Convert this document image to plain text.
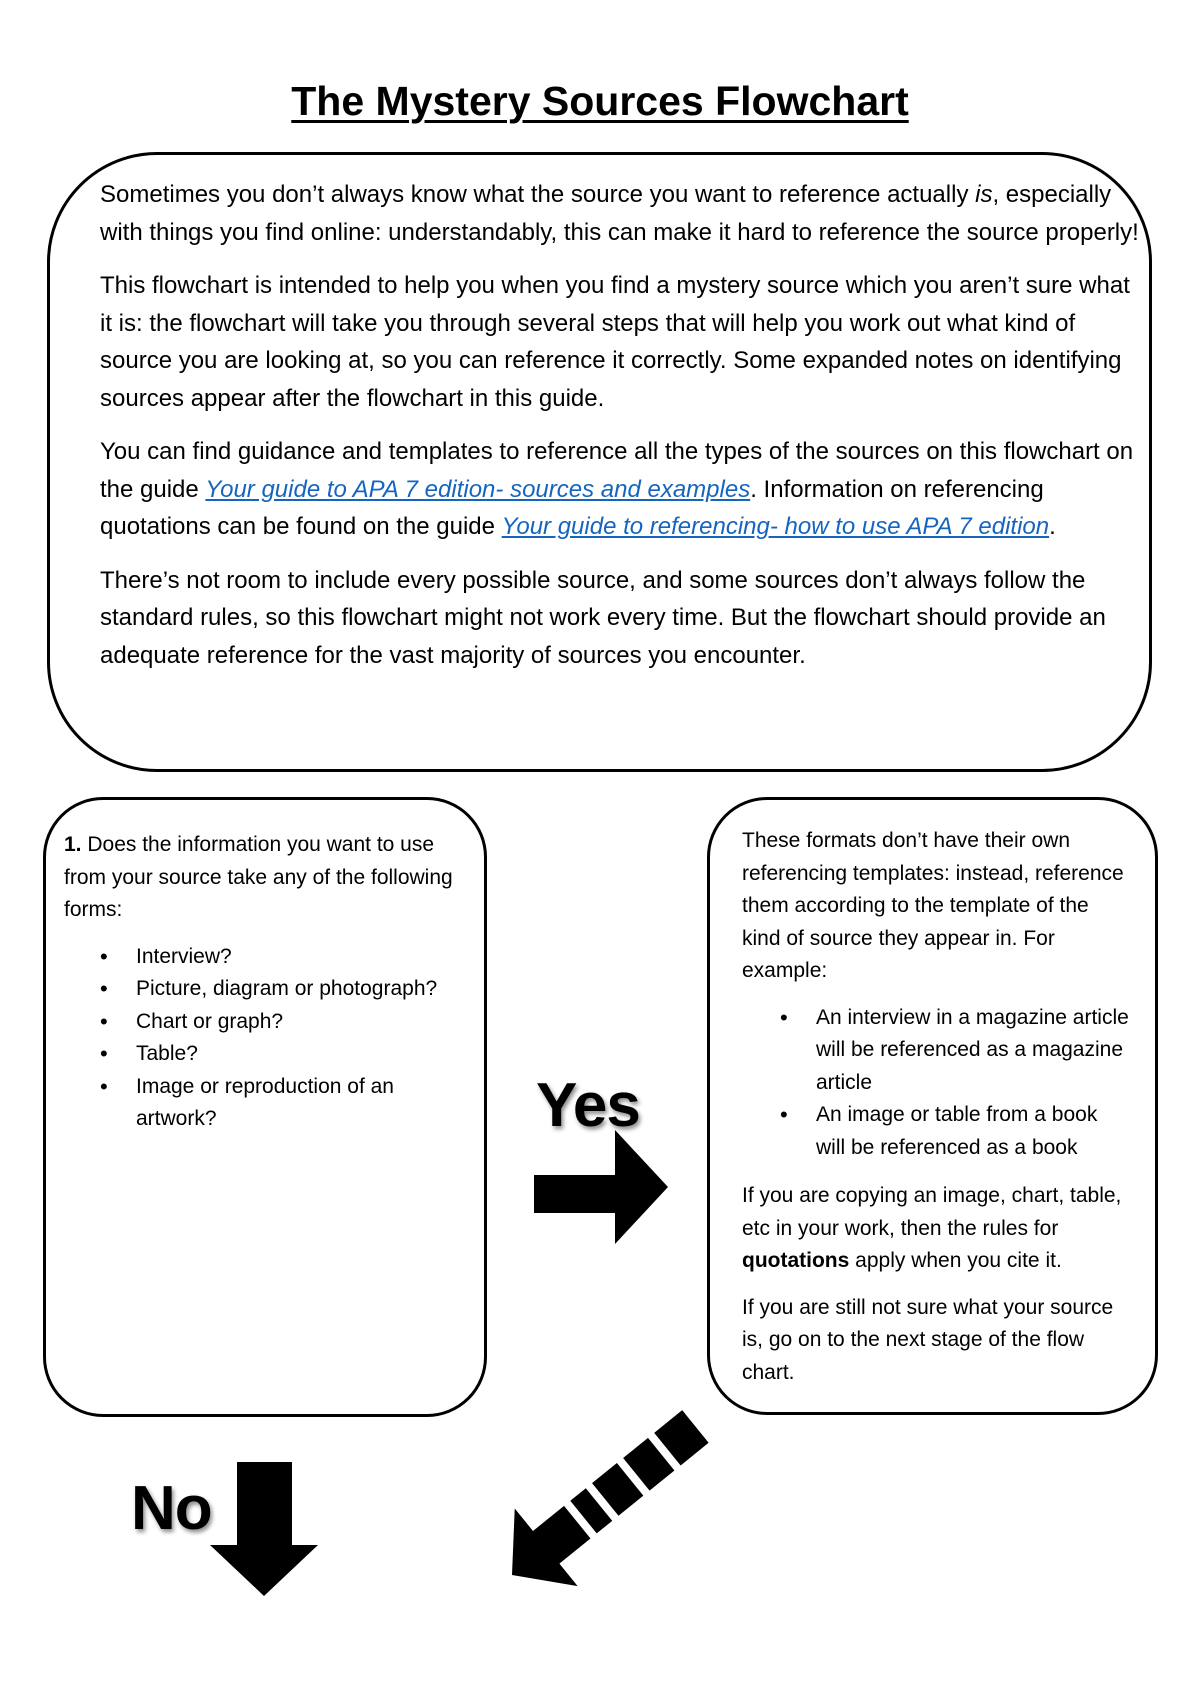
The Mystery Sources Flowchart

Sometimes you don’t always know what the source you want to reference actually is, especially with things you find online: understandably, this can make it hard to reference the source properly!

This flowchart is intended to help you when you find a mystery source which you aren’t sure what it is: the flowchart will take you through several steps that will help you work out what kind of source you are looking at, so you can reference it correctly. Some expanded notes on identifying sources appear after the flowchart in this guide.

You can find guidance and templates to reference all the types of the sources on this flowchart on the guide Your guide to APA 7 edition- sources and examples. Information on referencing quotations can be found on the guide Your guide to referencing- how to use APA 7 edition.

There’s not room to include every possible source, and some sources don’t always follow the standard rules, so this flowchart might not work every time. But the flowchart should provide an adequate reference for the vast majority of sources you encounter.

1. Does the information you want to use from your source take any of the following forms:

• Interview?
• Picture, diagram or photograph?
• Chart or graph?
• Table?
• Image or reproduction of an artwork?

These formats don’t have their own referencing templates: instead, reference them according to the template of the kind of source they appear in. For example:

• An interview in a magazine article will be referenced as a magazine article
• An image or table from a book will be referenced as a book

If you are copying an image, chart, table, etc in your work, then the rules for quotations apply when you cite it.

If you are still not sure what your source is, go on to the next stage of the flow chart.

Yes
No
